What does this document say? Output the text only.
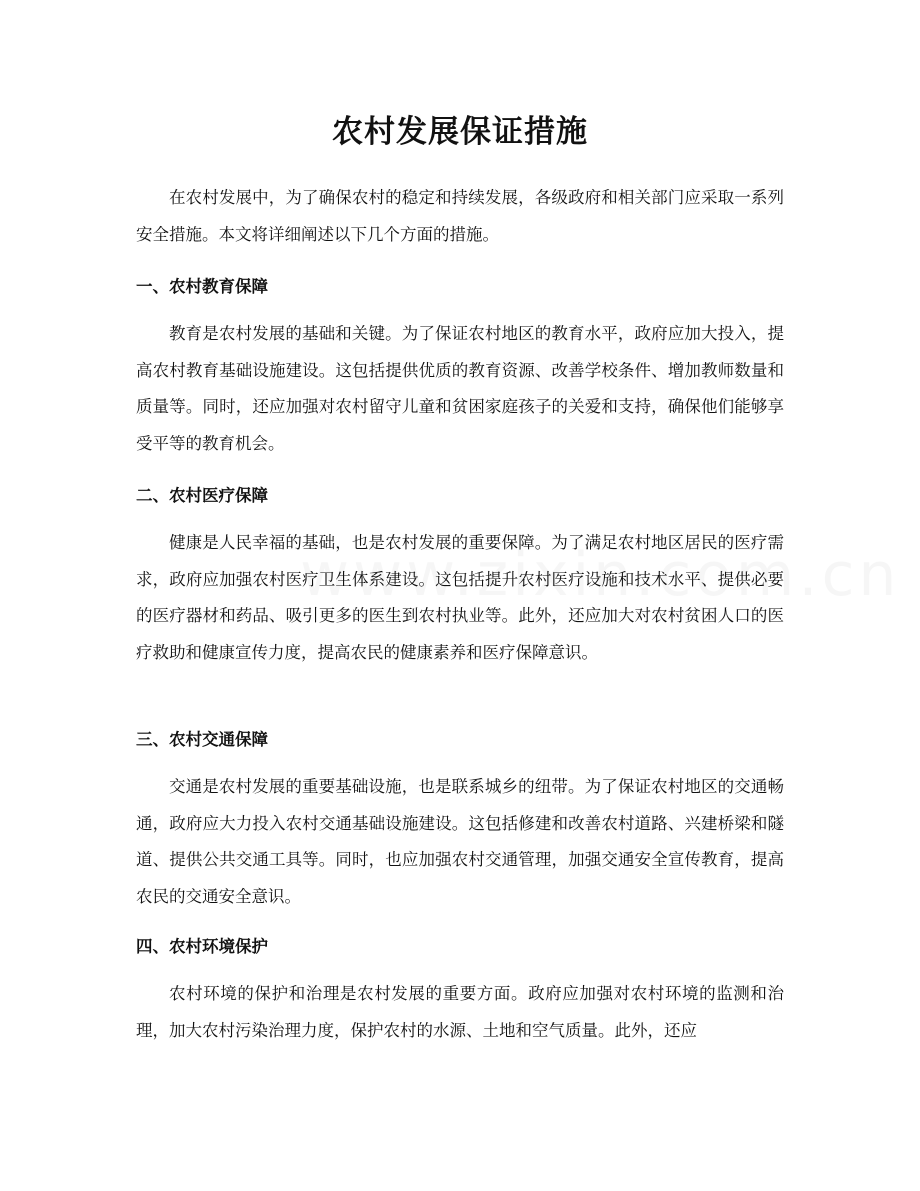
农村发展保证措施

在农村发展中，为了确保农村的稳定和持续发展，各级政府和相关部门应采取一系列安全措施。本文将详细阐述以下几个方面的措施。

一、农村教育保障

教育是农村发展的基础和关键。为了保证农村地区的教育水平，政府应加大投入，提高农村教育基础设施建设。这包括提供优质的教育资源、改善学校条件、增加教师数量和质量等。同时，还应加强对农村留守儿童和贫困家庭孩子的关爱和支持，确保他们能够享受平等的教育机会。

二、农村医疗保障

健康是人民幸福的基础，也是农村发展的重要保障。为了满足农村地区居民的医疗需求，政府应加强农村医疗卫生体系建设。这包括提升农村医疗设施和技术水平、提供必要的医疗器材和药品、吸引更多的医生到农村执业等。此外，还应加大对农村贫困人口的医疗救助和健康宣传力度，提高农民的健康素养和医疗保障意识。

三、农村交通保障

交通是农村发展的重要基础设施，也是联系城乡的纽带。为了保证农村地区的交通畅通，政府应大力投入农村交通基础设施建设。这包括修建和改善农村道路、兴建桥梁和隧道、提供公共交通工具等。同时，也应加强农村交通管理，加强交通安全宣传教育，提高农民的交通安全意识。

四、农村环境保护

农村环境的保护和治理是农村发展的重要方面。政府应加强对农村环境的监测和治理，加大农村污染治理力度，保护农村的水源、土地和空气质量。此外，还应
